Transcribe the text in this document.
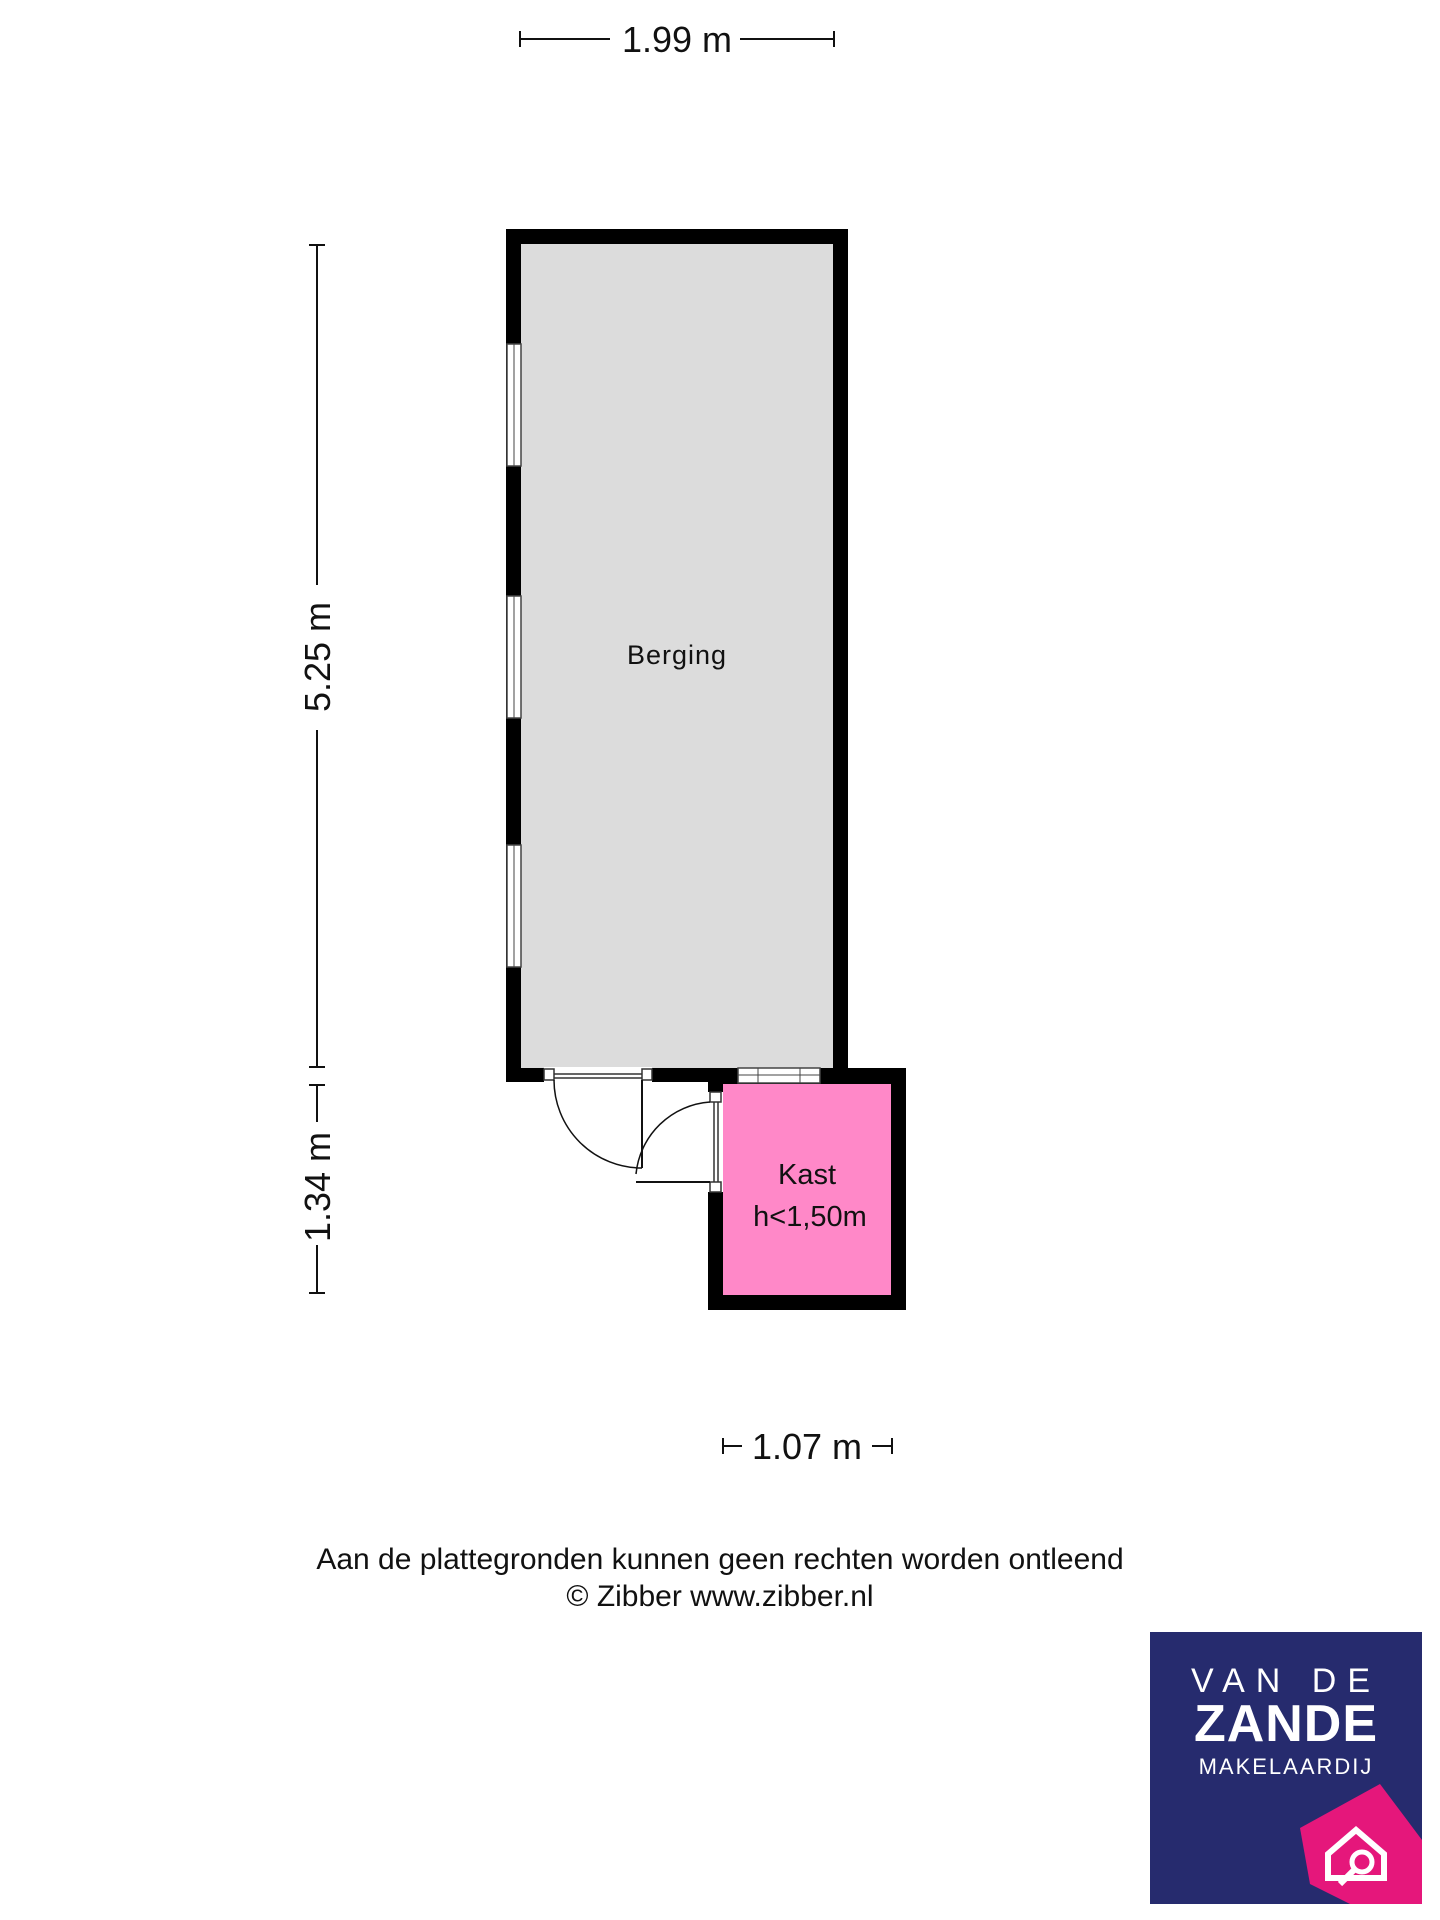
1.99 m
5.25 m
1.34 m
1.07 m
Berging
Kast
h<1,50m
Aan de plattegronden kunnen geen rechten worden ontleend
© Zibber www.zibber.nl
VAN DE
ZANDE
MAKELAARDIJ
